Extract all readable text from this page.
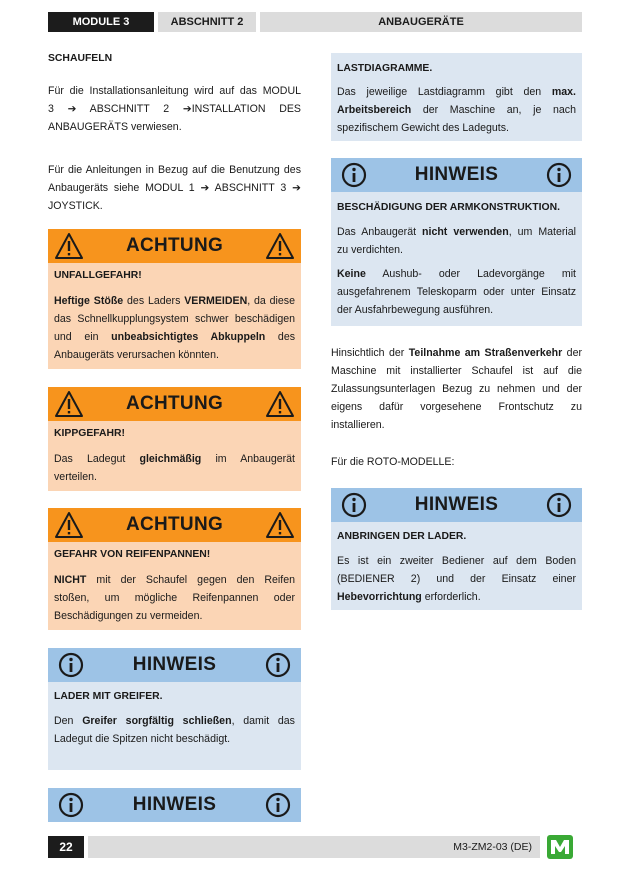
MODULE 3	ABSCHNITT 2	ANBAUGERÄTE
SCHAUFELN
Für die Installationsanleitung wird auf das MODUL
3 ➔ ABSCHNITT 2 ➔INSTALLATION DES
ANBAUGERÄTS verwiesen.
Für die Anleitungen in Bezug auf die Benutzung des
Anbaugeräts siehe MODUL 1 ➔ ABSCHNITT 3 ➔
JOYSTICK.
ACHTUNG
UNFALLGEFAHR!
Heftige Stöße des Laders VERMEIDEN, da diese
das Schnellkupplungsystem schwer beschädigen
und ein unbeabsichtigtes Abkuppeln des
Anbaugeräts verursachen könnten.
ACHTUNG
KIPPGEFAHR!
Das Ladegut gleichmäßig im Anbaugerät
verteilen.
ACHTUNG
GEFAHR VON REIFENPANNEN!
NICHT mit der Schaufel gegen den Reifen
stoßen, um mögliche Reifenpannen oder
Beschädigungen zu vermeiden.
HINWEIS
LADER MIT GREIFER.
Den Greifer sorgfältig schließen, damit das
Ladegut die Spitzen nicht beschädigt.
HINWEIS
LASTDIAGRAMME.
Das jeweilige Lastdiagramm gibt den max.
Arbeitsbereich der Maschine an, je nach
spezifischem Gewicht des Ladeguts.
HINWEIS
BESCHÄDIGUNG DER ARMKONSTRUKTION.
Das Anbaugerät nicht verwenden, um Material
zu verdichten.
Keine Aushub- oder Ladevorgänge mit
ausgefahrenem Teleskoparm oder unter Einsatz
der Ausfahrbewegung ausführen.
Hinsichtlich der Teilnahme am Straßenverkehr der
Maschine mit installierter Schaufel ist auf die
Zulassungsunterlagen Bezug zu nehmen und der
eigens dafür vorgesehene Frontschutz zu
installieren.
Für die ROTO-MODELLE:
HINWEIS
ANBRINGEN DER LADER.
Es ist ein zweiter Bediener auf dem Boden
(BEDIENER 2) und der Einsatz einer
Hebevorrichtung erforderlich.
22	M3-ZM2-03 (DE)
